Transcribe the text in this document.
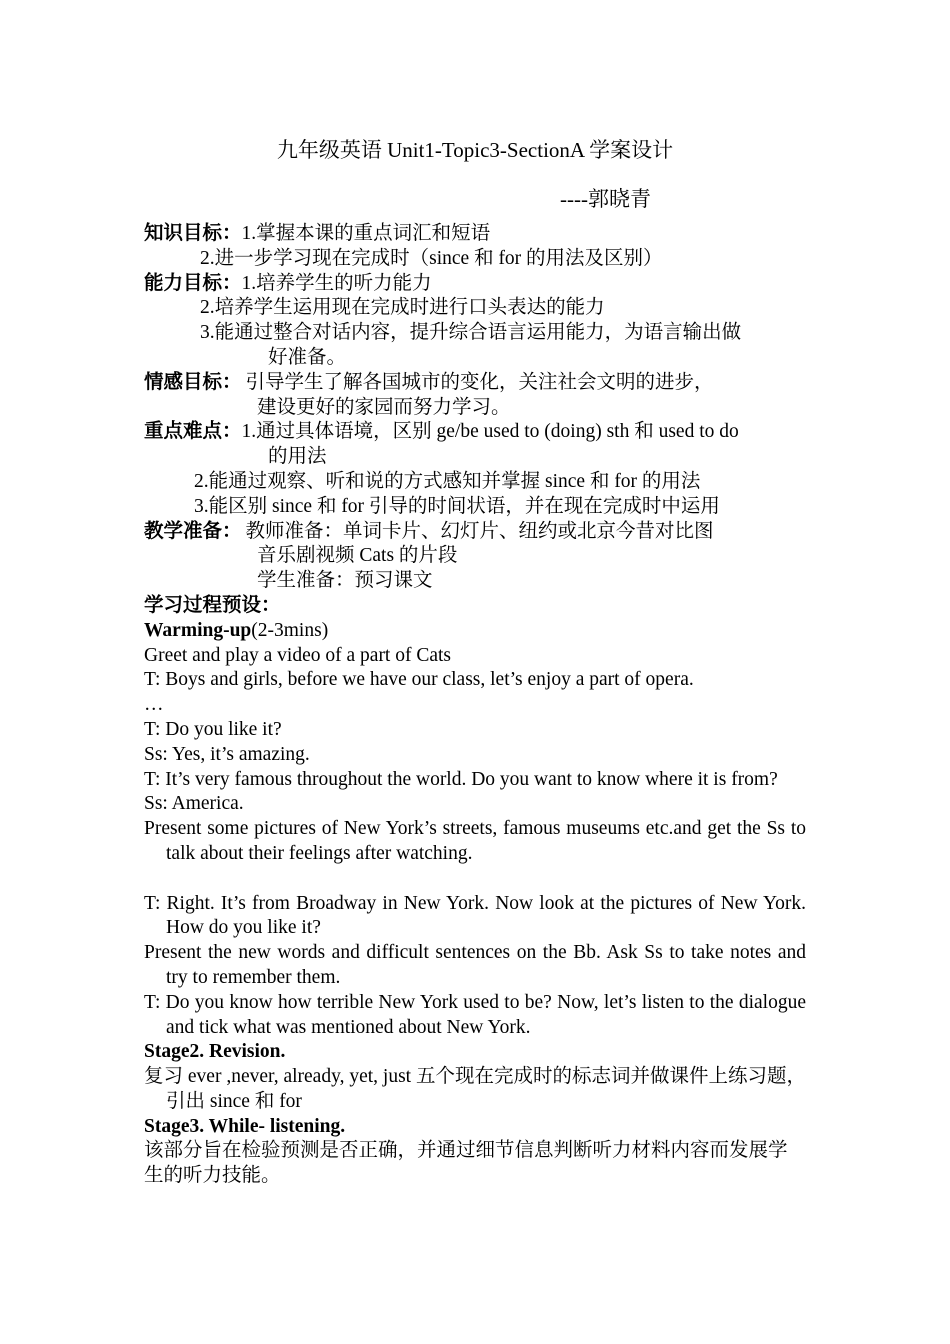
九年级英语 Unit1-Topic3-SectionA 学案设计
----郭晓青
知识目标： 1.掌握本课的重点词汇和短语
2.进一步学习现在完成时（since 和 for 的用法及区别）
能力目标： 1.培养学生的听力能力
2.培养学生运用现在完成时进行口头表达的能力
3.能通过整合对话内容，提升综合语言运用能力，为语言输出做
好准备。
情感目标： 引导学生了解各国城市的变化，关注社会文明的进步，
建设更好的家园而努力学习。
重点难点： 1.通过具体语境，区别 ge/be used to (doing) sth 和 used to do
的用法
2.能通过观察、听和说的方式感知并掌握 since 和 for 的用法
3.能区别 since 和 for 引导的时间状语，并在现在完成时中运用
教学准备： 教师准备：单词卡片、幻灯片、纽约或北京今昔对比图
音乐剧视频 Cats 的片段
学生准备：预习课文
学习过程预设：
Warming-up(2-3mins)
Greet and play a video of a part of Cats
T: Boys and girls, before we have our class, let’s enjoy a part of opera.
…
T: Do you like it?
Ss: Yes, it’s amazing.
T: It’s very famous throughout the world. Do you want to know where it is from?
Ss: America.
Present some pictures of New York’s streets, famous museums etc.and get the Ss to talk about their feelings after watching.
T: Right. It’s from Broadway in New York. Now look at the pictures of New York. How do you like it?
Present the new words and difficult sentences on the Bb. Ask Ss to take notes and try to remember them.
T: Do you know how terrible New York used to be? Now, let’s listen to the dialogue and tick what was mentioned about New York.
Stage2. Revision.
复习 ever ,never, already, yet, just 五个现在完成时的标志词并做课件上练习题，引出 since 和 for
Stage3. While- listening.
该部分旨在检验预测是否正确，并通过细节信息判断听力材料内容而发展学生的听力技能。
